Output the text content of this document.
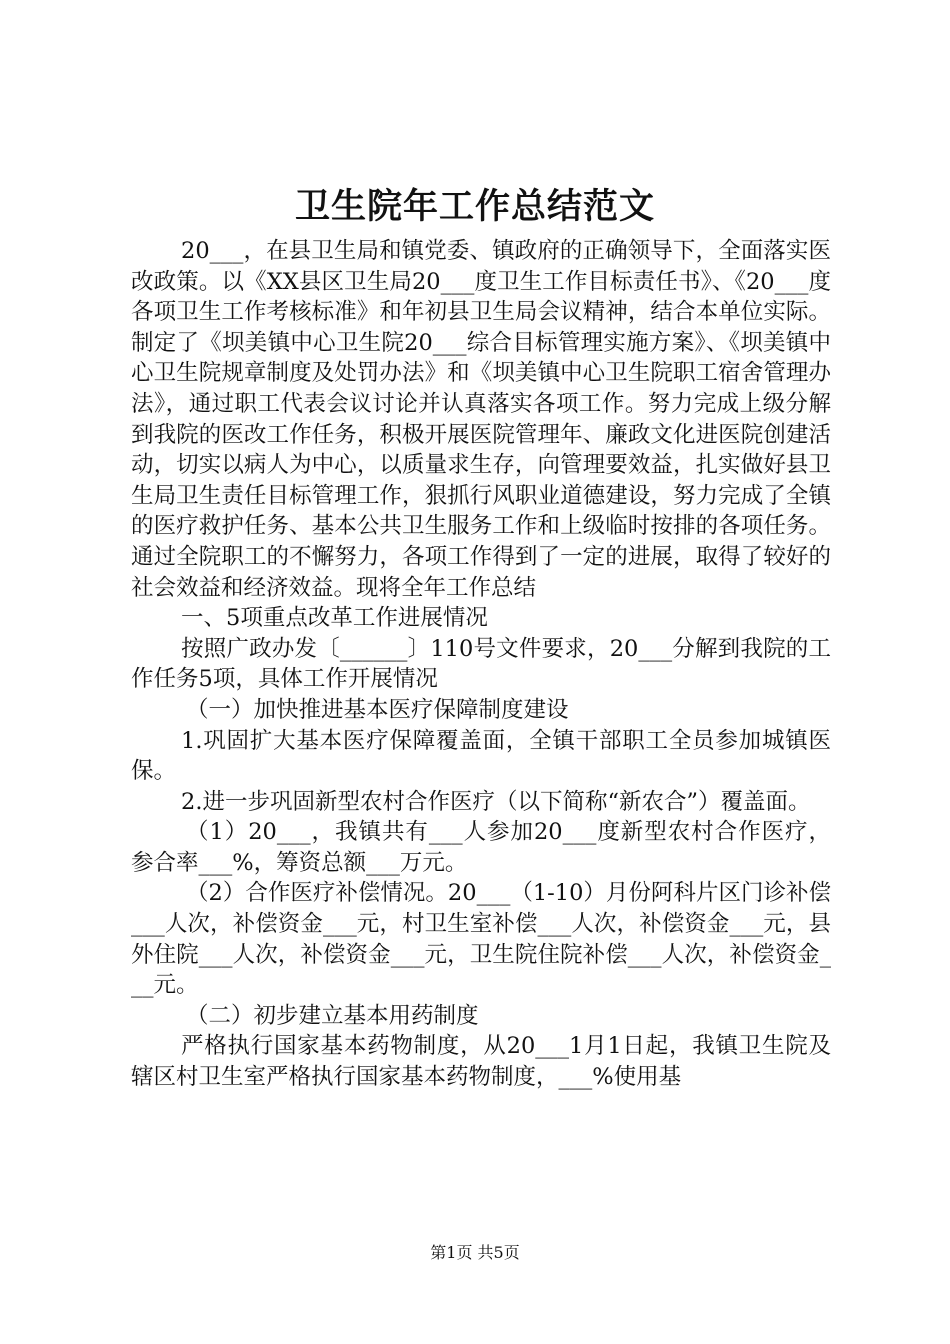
卫生院年工作总结范文

20___，在县卫生局和镇党委、镇政府的正确领导下，全面落实医改政策。以《XX县区卫生局20___度卫生工作目标责任书》、《20___度各项卫生工作考核标准》和年初县卫生局会议精神，结合本单位实际。制定了《坝美镇中心卫生院20___综合目标管理实施方案》、《坝美镇中心卫生院规章制度及处罚办法》和《坝美镇中心卫生院职工宿舍管理办法》，通过职工代表会议讨论并认真落实各项工作。努力完成上级分解到我院的医改工作任务，积极开展医院管理年、廉政文化进医院创建活动，切实以病人为中心，以质量求生存，向管理要效益，扎实做好县卫生局卫生责任目标管理工作，狠抓行风职业道德建设，努力完成了全镇的医疗救护任务、基本公共卫生服务工作和上级临时按排的各项任务。通过全院职工的不懈努力，各项工作得到了一定的进展，取得了较好的社会效益和经济效益。现将全年工作总结

一、5项重点改革工作进展情况

按照广政办发〔______〕110号文件要求，20___分解到我院的工作任务5项，具体工作开展情况

（一）加快推进基本医疗保障制度建设

1.巩固扩大基本医疗保障覆盖面，全镇干部职工全员参加城镇医保。

2.进一步巩固新型农村合作医疗（以下简称“新农合”）覆盖面。

（1）20___，我镇共有___人参加20___度新型农村合作医疗，参合率___%，筹资总额___万元。

（2）合作医疗补偿情况。20___（1-10）月份阿科片区门诊补偿___人次，补偿资金___元，村卫生室补偿___人次，补偿资金___元，县外住院___人次，补偿资金___元，卫生院住院补偿___人次，补偿资金___元。

（二）初步建立基本用药制度

严格执行国家基本药物制度，从20___1月1日起，我镇卫生院及辖区村卫生室严格执行国家基本药物制度，___%使用基

第1页 共5页
